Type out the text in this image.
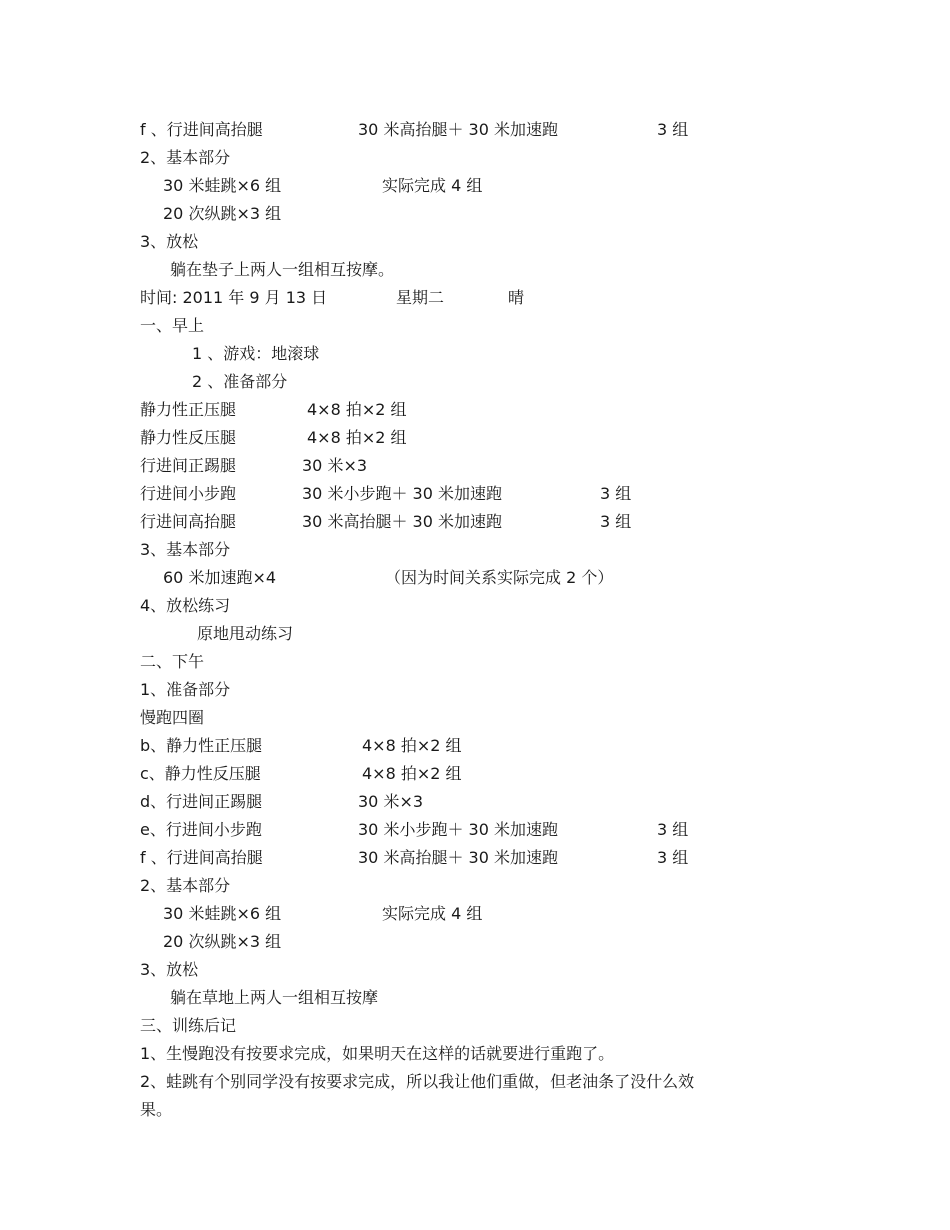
f 、行进间高抬腿	30 米高抬腿＋ 30 米加速跑	3 组
2、基本部分
30 米蛙跳×6 组	实际完成 4 组
20 次纵跳×3 组
3、放松
躺在垫子上两人一组相互按摩。
时间: 2011 年 9 月 13 日	星期二	晴
一、早上
1 、游戏：地滚球
2 、准备部分
静力性正压腿	4×8 拍×2 组
静力性反压腿	4×8 拍×2 组
行进间正踢腿	30 米×3
行进间小步跑	30 米小步跑＋ 30 米加速跑	3 组
行进间高抬腿	30 米高抬腿＋ 30 米加速跑	3 组
3、基本部分
60 米加速跑×4	（因为时间关系实际完成 2 个）
4、放松练习
原地甩动练习
二、下午
1、准备部分
慢跑四圈
b、静力性正压腿	4×8 拍×2 组
c、静力性反压腿	4×8 拍×2 组
d、行进间正踢腿	30 米×3
e、行进间小步跑	30 米小步跑＋ 30 米加速跑	3 组
f 、行进间高抬腿	30 米高抬腿＋ 30 米加速跑	3 组
2、基本部分
30 米蛙跳×6 组	实际完成 4 组
20 次纵跳×3 组
3、放松
躺在草地上两人一组相互按摩
三、训练后记
1、生慢跑没有按要求完成，如果明天在这样的话就要进行重跑了。
2、蛙跳有个别同学没有按要求完成，所以我让他们重做，但老油条了没什么效
果。
